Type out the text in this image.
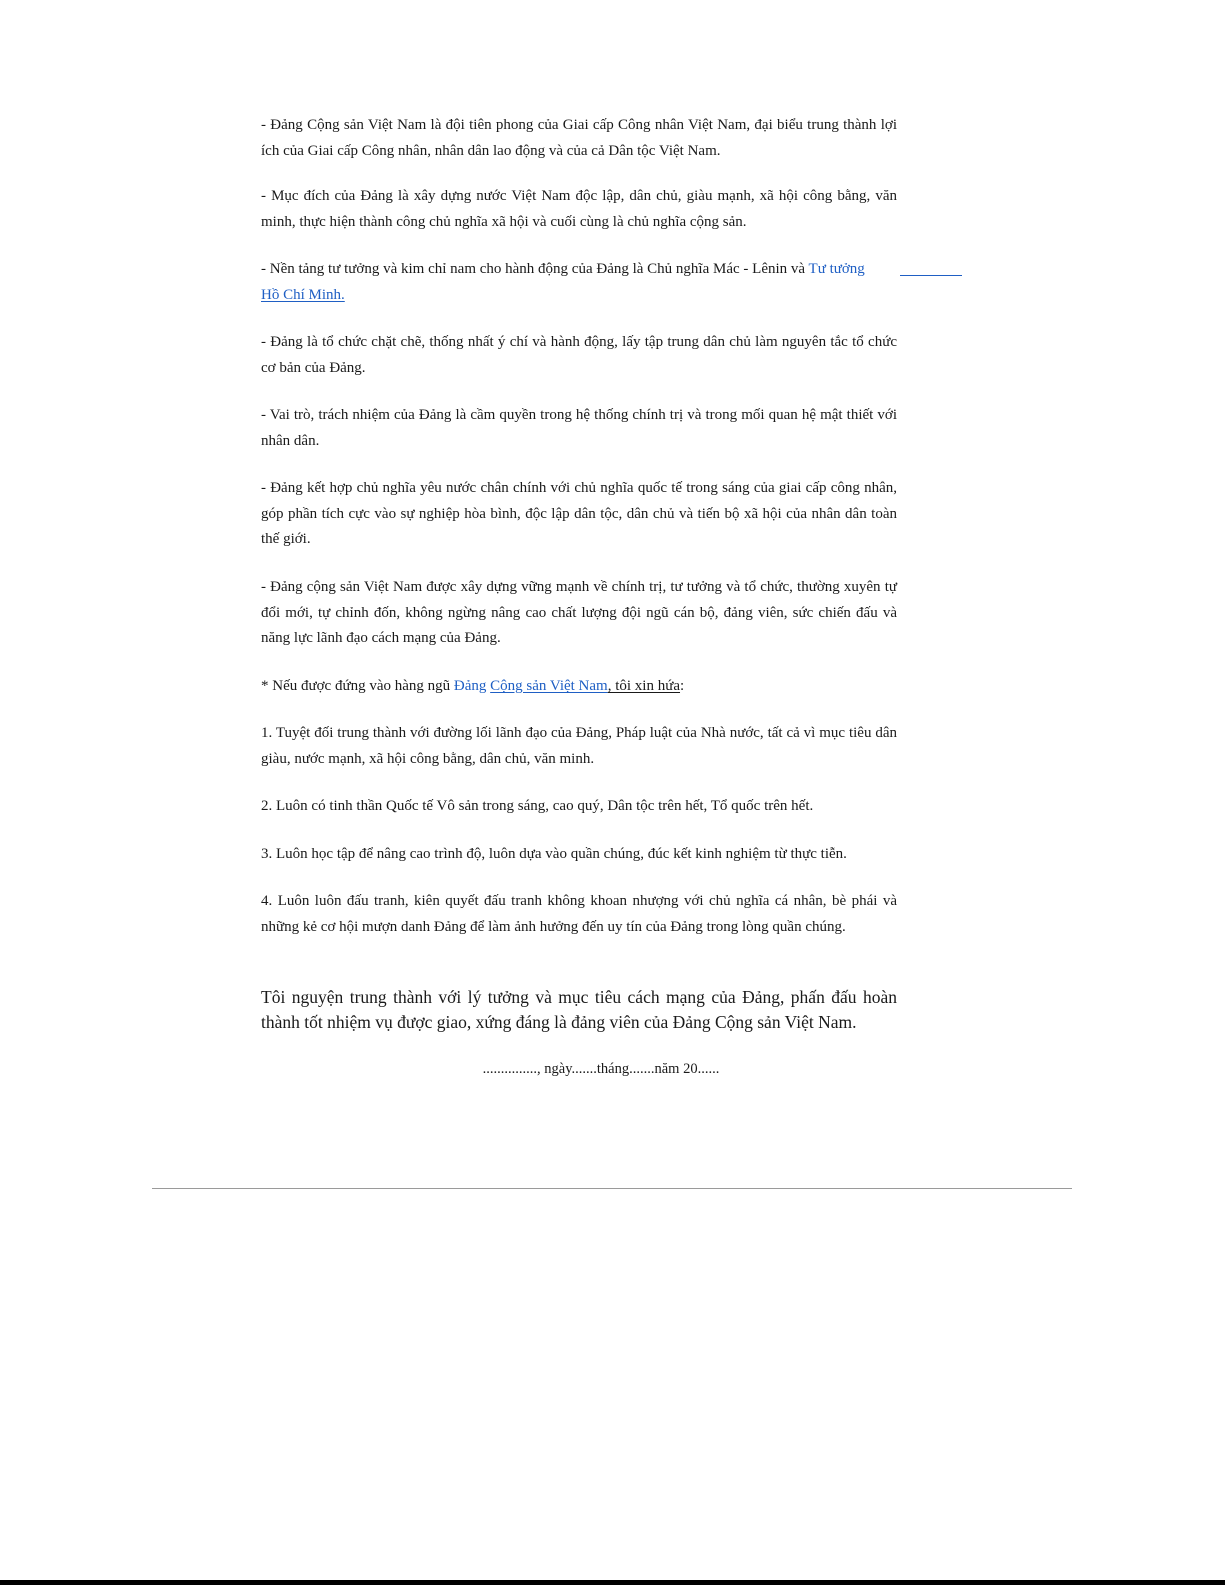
- Đảng Cộng sản Việt Nam là đội tiên phong của Giai cấp Công nhân Việt Nam, đại biểu trung thành lợi ích của Giai cấp Công nhân, nhân dân lao động và của cả Dân tộc Việt Nam.

- Mục đích của Đảng là xây dựng nước Việt Nam độc lập, dân chủ, giàu mạnh, xã hội công bằng, văn minh, thực hiện thành công chủ nghĩa xã hội và cuối cùng là chủ nghĩa cộng sản.

- Nền tảng tư tưởng và kim chỉ nam cho hành động của Đảng là Chủ nghĩa Mác - Lênin và Tư tưởng
Hồ Chí Minh.

- Đảng là tổ chức chặt chẽ, thống nhất ý chí và hành động, lấy tập trung dân chủ làm nguyên tắc tổ chức cơ bản của Đảng.

- Vai trò, trách nhiệm của Đảng là cầm quyền trong hệ thống chính trị và trong mối quan hệ mật thiết với nhân dân.

- Đảng kết hợp chủ nghĩa yêu nước chân chính với chủ nghĩa quốc tế trong sáng của giai cấp công nhân, góp phần tích cực vào sự nghiệp hòa bình, độc lập dân tộc, dân chủ và tiến bộ xã hội của nhân dân toàn thế giới.

- Đảng cộng sản Việt Nam được xây dựng vững mạnh về chính trị, tư tưởng và tổ chức, thường xuyên tự đổi mới, tự chỉnh đốn, không ngừng nâng cao chất lượng đội ngũ cán bộ, đảng viên, sức chiến đấu và năng lực lãnh đạo cách mạng của Đảng.

* Nếu được đứng vào hàng ngũ Đảng Cộng sản Việt Nam, tôi xin hứa:

1. Tuyệt đối trung thành với đường lối lãnh đạo của Đảng, Pháp luật của Nhà nước, tất cả vì mục tiêu dân giàu, nước mạnh, xã hội công bằng, dân chủ, văn minh.

2. Luôn có tinh thần Quốc tế Vô sản trong sáng, cao quý, Dân tộc trên hết, Tổ quốc trên hết.

3. Luôn học tập để nâng cao trình độ, luôn dựa vào quần chúng, đúc kết kinh nghiệm từ thực tiễn.

4. Luôn luôn đấu tranh, kiên quyết đấu tranh không khoan nhượng với chủ nghĩa cá nhân, bè phái và những kẻ cơ hội mượn danh Đảng để làm ảnh hưởng đến uy tín của Đảng trong lòng quần chúng.

Tôi nguyện trung thành với lý tưởng và mục tiêu cách mạng của Đảng, phấn đấu hoàn thành tốt nhiệm vụ được giao, xứng đáng là đảng viên của Đảng Cộng sản Việt Nam.

..............., ngày.......tháng.......năm 20......
